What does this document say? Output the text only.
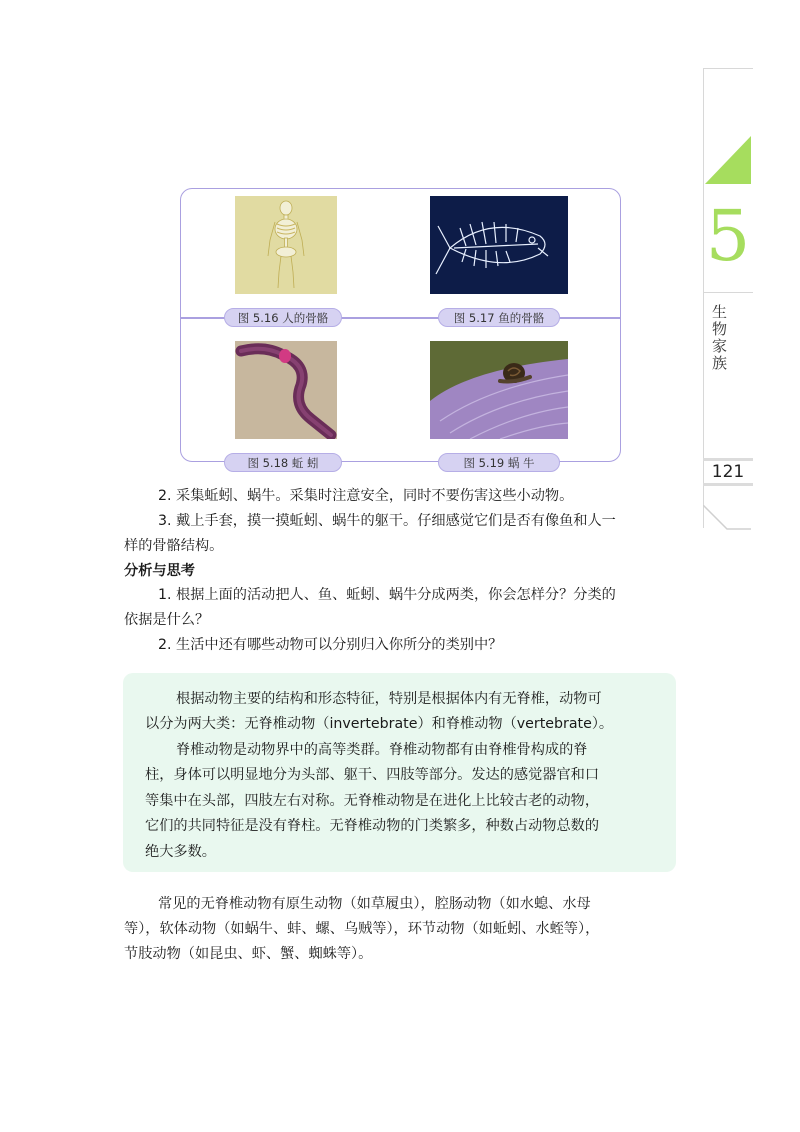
5
生物家族
121
图 5.16 人的骨骼	图 5.17 鱼的骨骼
图 5.18 蚯 蚓	图 5.19 蜗 牛
2. 采集蚯蚓、蜗牛。采集时注意安全，同时不要伤害这些小动物。
3. 戴上手套，摸一摸蚯蚓、蜗牛的躯干。仔细感觉它们是否有像鱼和人一
样的骨骼结构。
分析与思考
1. 根据上面的活动把人、鱼、蚯蚓、蜗牛分成两类，你会怎样分？分类的
依据是什么？
2. 生活中还有哪些动物可以分别归入你所分的类别中？
根据动物主要的结构和形态特征，特别是根据体内有无脊椎，动物可
以分为两大类：无脊椎动物（invertebrate）和脊椎动物（vertebrate）。
脊椎动物是动物界中的高等类群。脊椎动物都有由脊椎骨构成的脊
柱，身体可以明显地分为头部、躯干、四肢等部分。发达的感觉器官和口
等集中在头部，四肢左右对称。无脊椎动物是在进化上比较古老的动物，
它们的共同特征是没有脊柱。无脊椎动物的门类繁多，种数占动物总数的
绝大多数。
常见的无脊椎动物有原生动物（如草履虫），腔肠动物（如水螅、水母
等），软体动物（如蜗牛、蚌、螺、乌贼等），环节动物（如蚯蚓、水蛭等），
节肢动物（如昆虫、虾、蟹、蜘蛛等）。
